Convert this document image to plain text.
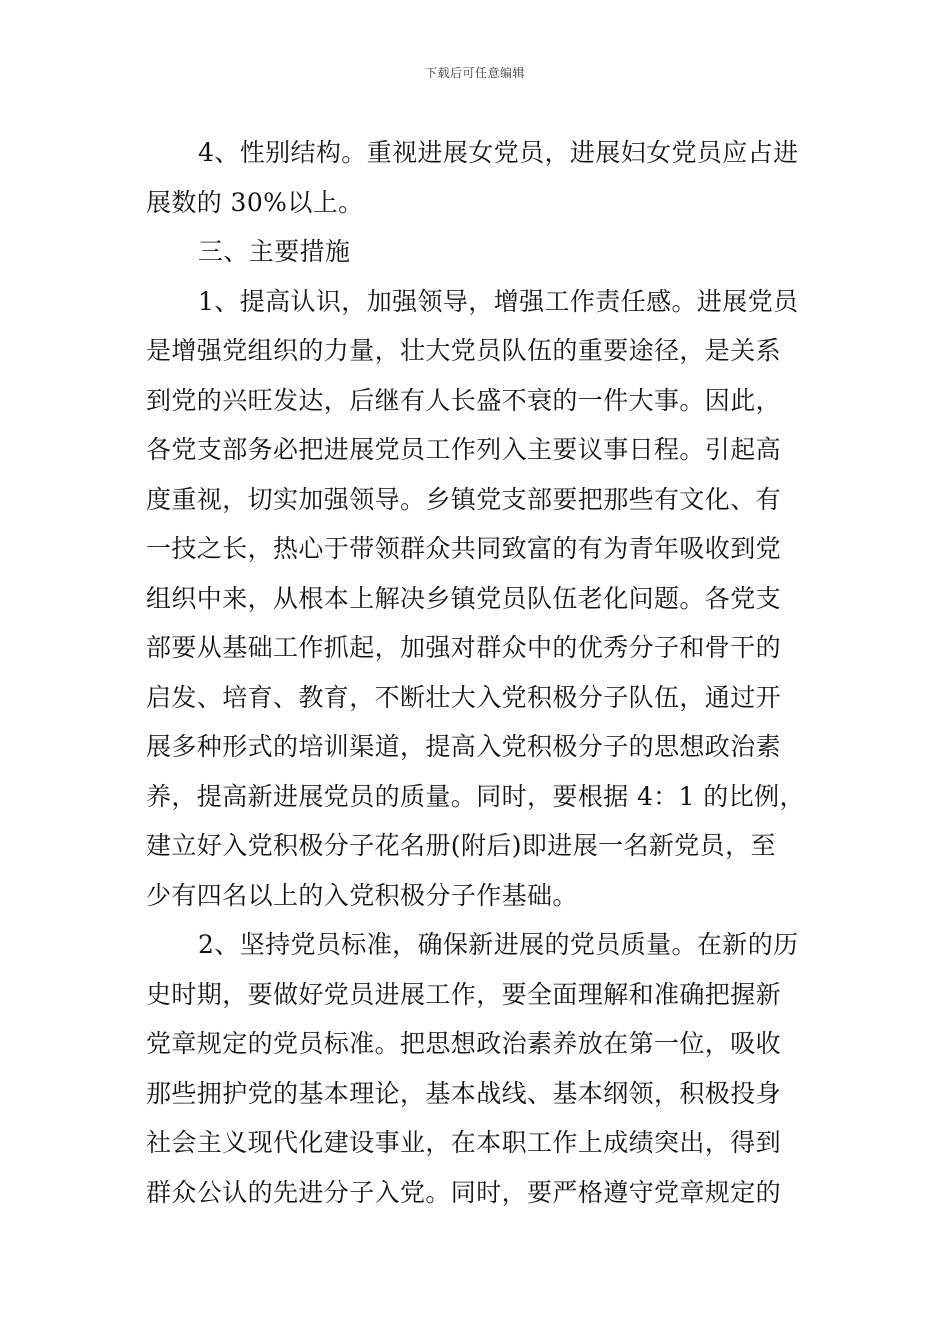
下载后可任意编辑
4、性别结构。重视进展女党员，进展妇女党员应占进
展数的 30%以上。
三、主要措施
1、提高认识，加强领导，增强工作责任感。进展党员
是增强党组织的力量，壮大党员队伍的重要途径，是关系
到党的兴旺发达，后继有人长盛不衰的一件大事。因此，
各党支部务必把进展党员工作列入主要议事日程。引起高
度重视，切实加强领导。乡镇党支部要把那些有文化、有
一技之长，热心于带领群众共同致富的有为青年吸收到党
组织中来，从根本上解决乡镇党员队伍老化问题。各党支
部要从基础工作抓起，加强对群众中的优秀分子和骨干的
启发、培育、教育，不断壮大入党积极分子队伍，通过开
展多种形式的培训渠道，提高入党积极分子的思想政治素
养，提高新进展党员的质量。同时，要根据 4：1 的比例，
建立好入党积极分子花名册(附后)即进展一名新党员，至
少有四名以上的入党积极分子作基础。
2、坚持党员标准，确保新进展的党员质量。在新的历
史时期，要做好党员进展工作，要全面理解和准确把握新
党章规定的党员标准。把思想政治素养放在第一位，吸收
那些拥护党的基本理论，基本战线、基本纲领，积极投身
社会主义现代化建设事业，在本职工作上成绩突出，得到
群众公认的先进分子入党。同时，要严格遵守党章规定的
